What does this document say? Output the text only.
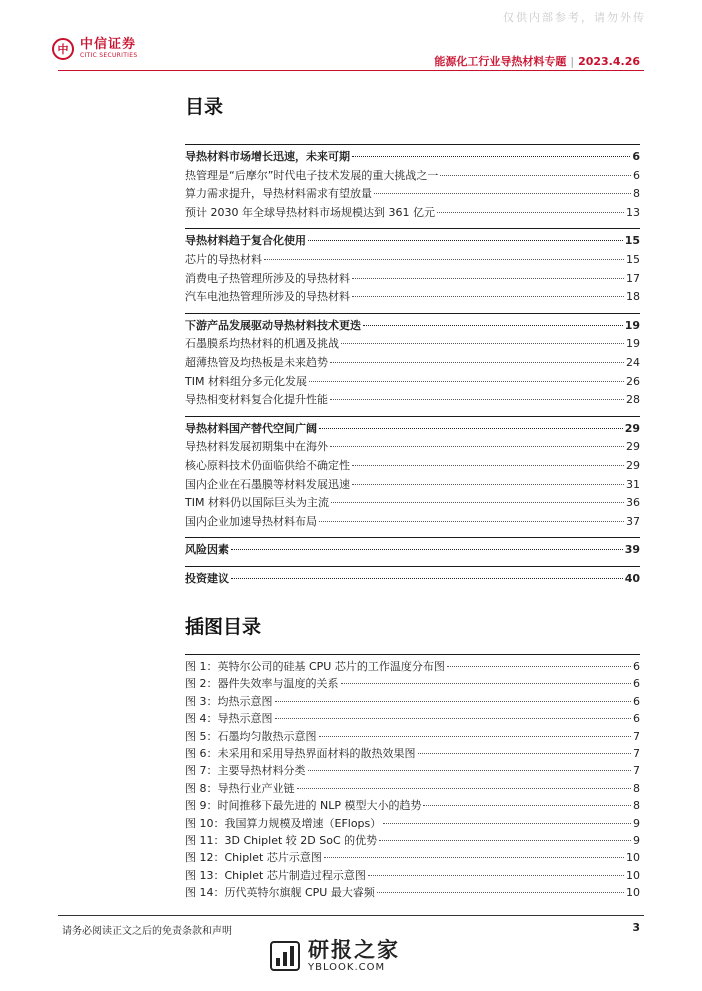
仅供内部参考，请勿外传
中 中信证券
CITIC SECURITIES	能源化工行业导热材料专题 | 2023.4.26
目录
导热材料市场增长迅速，未来可期	6
热管理是“后摩尔”时代电子技术发展的重大挑战之一	6
算力需求提升，导热材料需求有望放量	8
预计 2030 年全球导热材料市场规模达到 361 亿元	13
导热材料趋于复合化使用	15
芯片的导热材料	15
消费电子热管理所涉及的导热材料	17
汽车电池热管理所涉及的导热材料	18
下游产品发展驱动导热材料技术更迭	19
石墨膜系均热材料的机遇及挑战	19
超薄热管及均热板是未来趋势	24
TIM 材料组分多元化发展	26
导热相变材料复合化提升性能	28
导热材料国产替代空间广阔	29
导热材料发展初期集中在海外	29
核心原料技术仍面临供给不确定性	29
国内企业在石墨膜等材料发展迅速	31
TIM 材料仍以国际巨头为主流	36
国内企业加速导热材料布局	37
风险因素	39
投资建议	40
插图目录
图 1：英特尔公司的硅基 CPU 芯片的工作温度分布图	6
图 2：器件失效率与温度的关系	6
图 3：均热示意图	6
图 4：导热示意图	6
图 5：石墨均匀散热示意图	7
图 6：未采用和采用导热界面材料的散热效果图	7
图 7：主要导热材料分类	7
图 8：导热行业产业链	8
图 9：时间推移下最先进的 NLP 模型大小的趋势	8
图 10：我国算力规模及增速（EFlops）	9
图 11：3D Chiplet 较 2D SoC 的优势	9
图 12：Chiplet 芯片示意图	10
图 13：Chiplet 芯片制造过程示意图	10
图 14：历代英特尔旗舰 CPU 最大睿频	10
请务必阅读正文之后的免责条款和声明	3
研报之家
YBLOOK.COM
